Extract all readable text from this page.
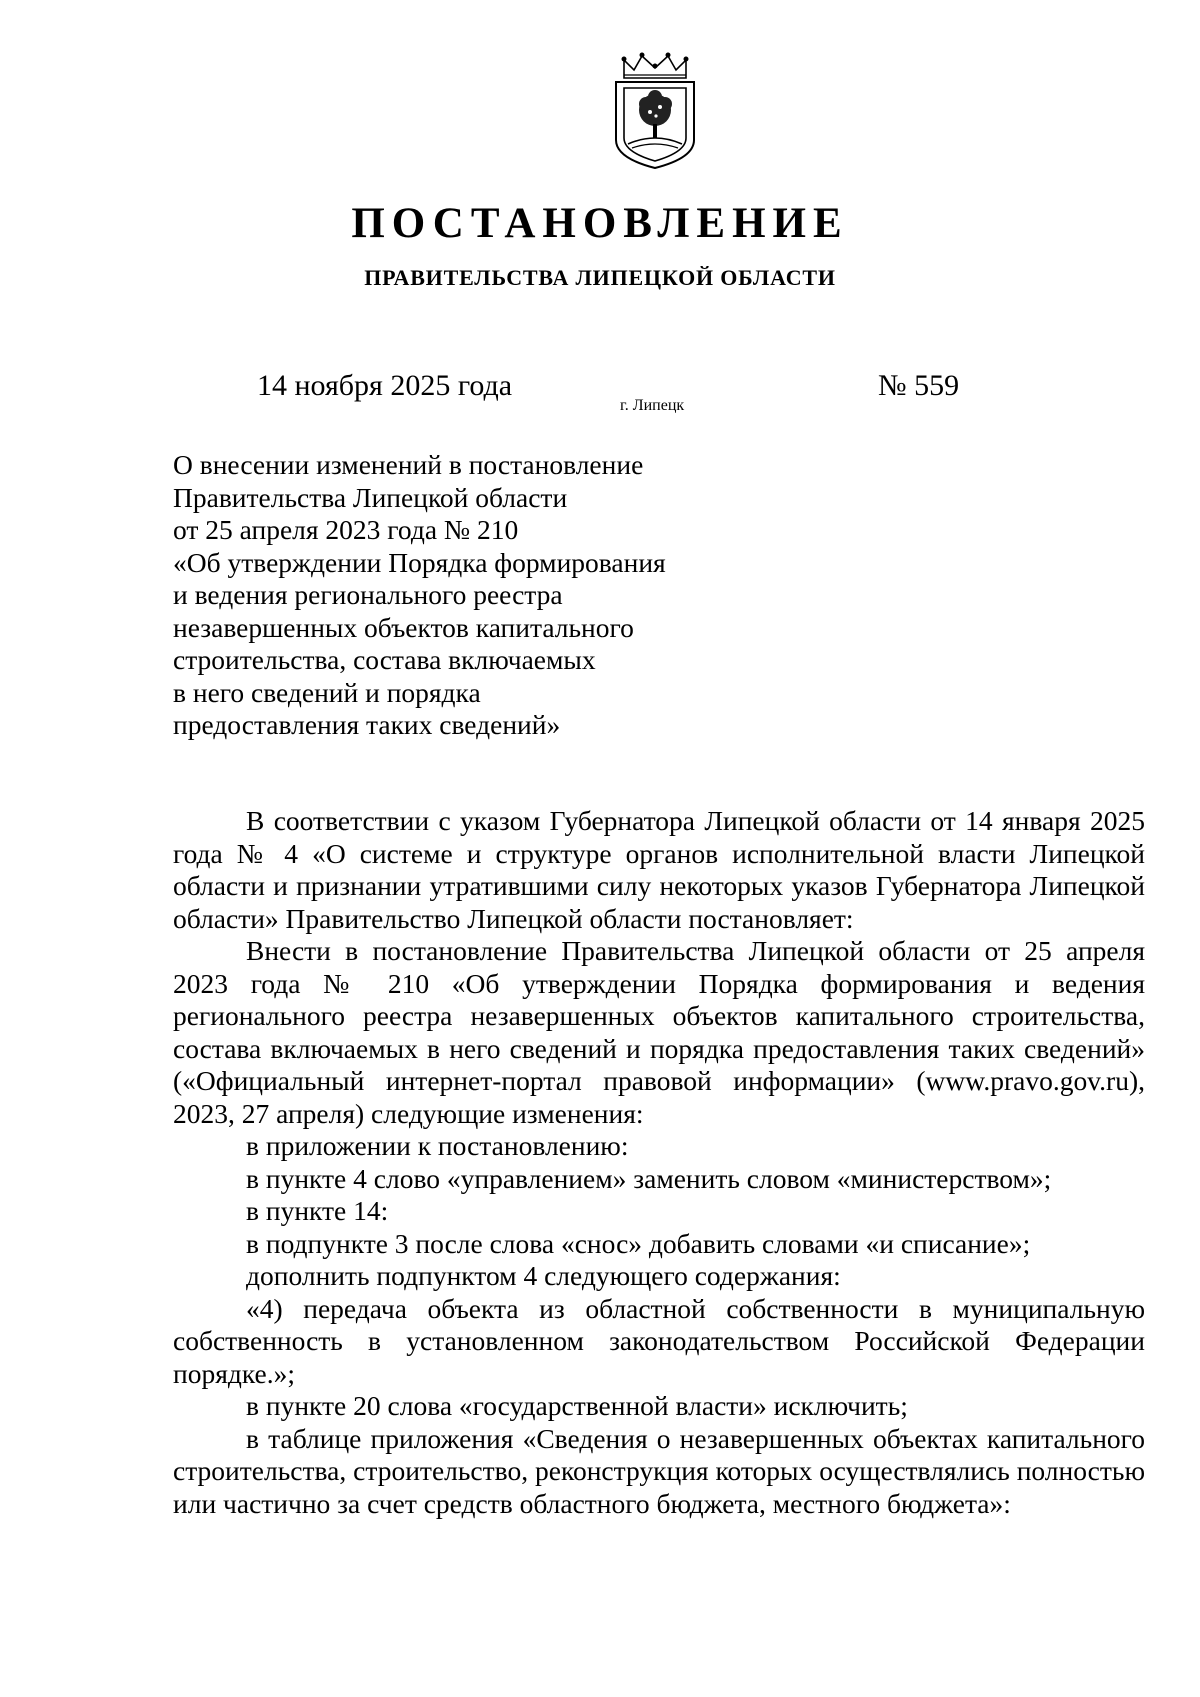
ПОСТАНОВЛЕНИЕ
ПРАВИТЕЛЬСТВА ЛИПЕЦКОЙ ОБЛАСТИ
14 ноября 2025 года
г. Липецк
№ 559
О внесении изменений в постановление
Правительства Липецкой области
от 25 апреля 2023 года № 210
«Об утверждении Порядка формирования
и ведения регионального реестра
незавершенных объектов капитального
строительства, состава включаемых
в него сведений и порядка
предоставления таких сведений»

В соответствии с указом Губернатора Липецкой области от 14 января 2025 года № 4 «О системе и структуре органов исполнительной власти Липецкой области и признании утратившими силу некоторых указов Губернатора Липецкой области» Правительство Липецкой области постановляет:

Внести в постановление Правительства Липецкой области от 25 апреля 2023 года № 210 «Об утверждении Порядка формирования и ведения регионального реестра незавершенных объектов капитального строительства, состава включаемых в него сведений и порядка предоставления таких сведений» («Официальный интернет-портал правовой информации» (www.pravo.gov.ru), 2023, 27 апреля) следующие изменения:

в приложении к постановлению:

в пункте 4 слово «управлением» заменить словом «министерством»;

в пункте 14:

в подпункте 3 после слова «снос» добавить словами «и списание»;

дополнить подпунктом 4 следующего содержания:

«4) передача объекта из областной собственности в муниципальную собственность в установленном законодательством Российской Федерации порядке.»;

в пункте 20 слова «государственной власти» исключить;

в таблице приложения «Сведения о незавершенных объектах капитального строительства, строительство, реконструкция которых осуществлялись полностью или частично за счет средств областного бюджета, местного бюджета»:
